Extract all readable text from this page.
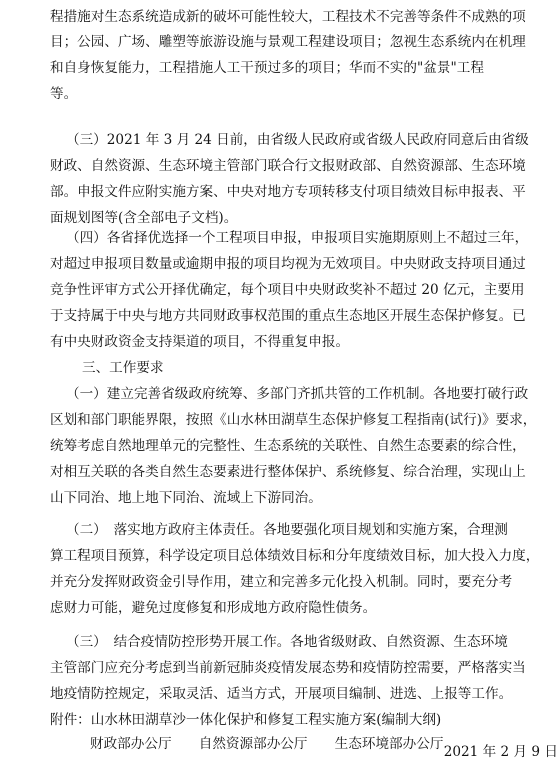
程措施对生态系统造成新的破坏可能性较大，工程技术不完善等条件不成熟的项
目；公园、广场、雕塑等旅游设施与景观工程建设项目；忽视生态系统内在机理
和自身恢复能力，工程措施人工干预过多的项目；华而不实的"盆景"工程
等。
（三）2021 年 3 月 24 日前，由省级人民政府或省级人民政府同意后由省级
财政、自然资源、生态环境主管部门联合行文报财政部、自然资源部、生态环境
部。申报文件应附实施方案、中央对地方专项转移支付项目绩效目标申报表、平
面规划图等(含全部电子文档)。
（四）各省择优选择一个工程项目申报，申报项目实施期原则上不超过三年，
对超过申报项目数量或逾期申报的项目均视为无效项目。中央财政支持项目通过
竞争性评审方式公开择优确定，每个项目中央财政奖补不超过 20 亿元，主要用
于支持属于中央与地方共同财政事权范围的重点生态地区开展生态保护修复。已
有中央财政资金支持渠道的项目，不得重复申报。
三、工作要求
（一）建立完善省级政府统筹、多部门齐抓共管的工作机制。各地要打破行政
区划和部门职能界限，按照《山水林田湖草生态保护修复工程指南(试行)》要求，
统筹考虑自然地理单元的完整性、生态系统的关联性、自然生态要素的综合性，
对相互关联的各类自然生态要素进行整体保护、系统修复、综合治理，实现山上
山下同治、地上地下同治、流域上下游同治。
（二）　落实地方政府主体责任。各地要强化项目规划和实施方案，合理测
算工程项目预算，科学设定项目总体绩效目标和分年度绩效目标，加大投入力度，
并充分发挥财政资金引导作用，建立和完善多元化投入机制。同时，要充分考
虑财力可能，避免过度修复和形成地方政府隐性债务。
（三）　结合疫情防控形势开展工作。各地省级财政、自然资源、生态环境
主管部门应充分考虑到当前新冠肺炎疫情发展态势和疫情防控需要，严格落实当
地疫情防控规定，采取灵活、适当方式，开展项目编制、进选、上报等工作。
附件：山水林田湖草沙一体化保护和修复工程实施方案(编制大纲)
财政部办公厅　　自然资源部办公厅　　生态环境部办公厅 2021 年 2 月 9 日
